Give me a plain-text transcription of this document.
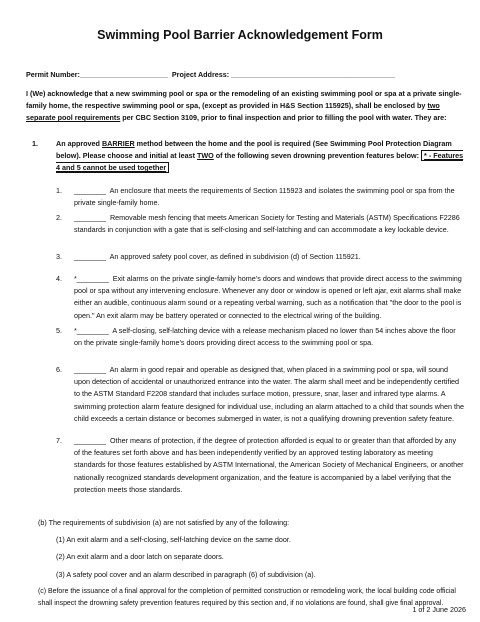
Swimming Pool Barrier Acknowledgement Form
Permit Number:______________________ Project Address: _________________________________________
I (We) acknowledge that a new swimming pool or spa or the remodeling of an existing swimming pool or spa at a private single-family home, the respective swimming pool or spa, (except as provided in H&S Section 115925), shall be enclosed by two separate pool requirements per CBC Section 3109, prior to final inspection and prior to filling the pool with water. They are:
1.	An approved BARRIER method between the home and the pool is required (See Swimming Pool Protection Diagram below). Please choose and initial at least TWO of the following seven drowning prevention features below: * - Features 4 and 5 cannot be used together
1. ________ An enclosure that meets the requirements of Section 115923 and isolates the swimming pool or spa from the private single-family home.
2. ________ Removable mesh fencing that meets American Society for Testing and Materials (ASTM) Specifications F2286 standards in conjunction with a gate that is self-closing and self-latching and can accommodate a key lockable device.
3. ________ An approved safety pool cover, as defined in subdivision (d) of Section 115921.
4. *________ Exit alarms on the private single-family home’s doors and windows that provide direct access to the swimming pool or spa without any intervening enclosure. Whenever any door or window is opened or left ajar, exit alarms shall make either an audible, continuous alarm sound or a repeating verbal warning, such as a notification that "the door to the pool is open." An exit alarm may be battery operated or connected to the electrical wiring of the building.
5. *________ A self-closing, self-latching device with a release mechanism placed no lower than 54 inches above the floor on the private single-family home’s doors providing direct access to the swimming pool or spa.
6. ________ An alarm in good repair and operable as designed that, when placed in a swimming pool or spa, will sound upon detection of accidental or unauthorized entrance into the water. The alarm shall meet and be independently certified to the ASTM Standard F2208 standard that includes surface motion, pressure, snar, laser and infrared type alarms. A swimming protection alarm feature designed for individual use, including an alarm attached to a child that sounds when the child exceeds a certain distance or becomes submerged in water, is not a qualifying drowning prevention safety feature.
7. ________ Other means of protection, if the degree of protection afforded is equal to or greater than that afforded by any of the features set forth above and has been independently verified by an approved testing laboratory as meeting standards for those features established by ASTM International, the American Society of Mechanical Engineers, or another nationally recognized standards development organization, and the feature is accompanied by a label verifying that the protection meets those standards.
(b) The requirements of subdivision (a) are not satisfied by any of the following:
(1) An exit alarm and a self-closing, self-latching device on the same door.
(2) An exit alarm and a door latch on separate doors.
(3) A safety pool cover and an alarm described in paragraph (6) of subdivision (a).
(c) Before the issuance of a final approval for the completion of permitted construction or remodeling work, the local building code official shall inspect the drowning safety prevention features required by this section and, if no violations are found, shall give final approval.
1 of 2 June 2026
